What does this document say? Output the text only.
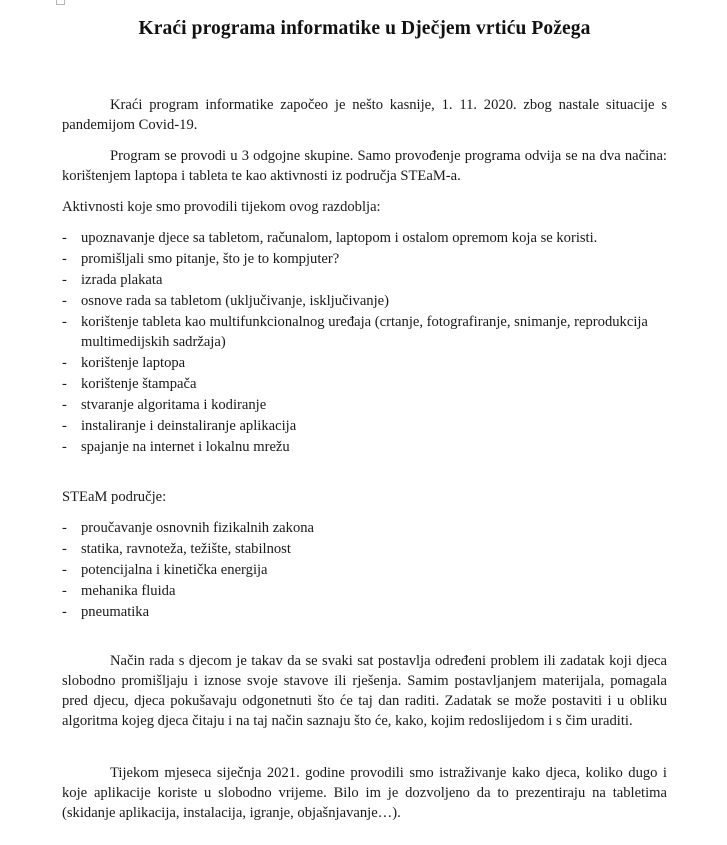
Kraći programa informatike u Dječjem vrtiću Požega

Kraći program informatike započeo je nešto kasnije, 1. 11. 2020. zbog nastale situacije s pandemijom Covid-19.

Program se provodi u 3 odgojne skupine. Samo provođenje programa odvija se na dva načina: korištenjem laptopa i tableta te kao aktivnosti iz područja STEaM-a.

Aktivnosti koje smo provodili tijekom ovog razdoblja:

- upoznavanje djece sa tabletom, računalom, laptopom i ostalom opremom koja se koristi.
- promišljali smo pitanje, što je to kompjuter?
- izrada plakata
- osnove rada sa tabletom (uključivanje, isključivanje)
- korištenje tableta kao multifunkcionalnog uređaja (crtanje, fotografiranje, snimanje, reprodukcija multimedijskih sadržaja)
- korištenje laptopa
- korištenje štampača
- stvaranje algoritama i kodiranje
- instaliranje i deinstaliranje aplikacija
- spajanje na internet i lokalnu mrežu

STEaM područje:

- proučavanje osnovnih fizikalnih zakona
- statika, ravnoteža, težište, stabilnost
- potencijalna i kinetička energija
- mehanika fluida
- pneumatika

Način rada s djecom je takav da se svaki sat postavlja određeni problem ili zadatak koji djeca slobodno promišljaju i iznose svoje stavove ili rješenja. Samim postavljanjem materijala, pomagala pred djecu, djeca pokušavaju odgonetnuti što će taj dan raditi. Zadatak se može postaviti i u obliku algoritma kojeg djeca čitaju i na taj način saznaju što će, kako, kojim redoslijedom i s čim uraditi.

Tijekom mjeseca siječnja 2021. godine provodili smo istraživanje kako djeca, koliko dugo i koje aplikacije koriste u slobodno vrijeme. Bilo im je dozvoljeno da to prezentiraju na tabletima (skidanje aplikacija, instalacija, igranje, objašnjavanje…).
